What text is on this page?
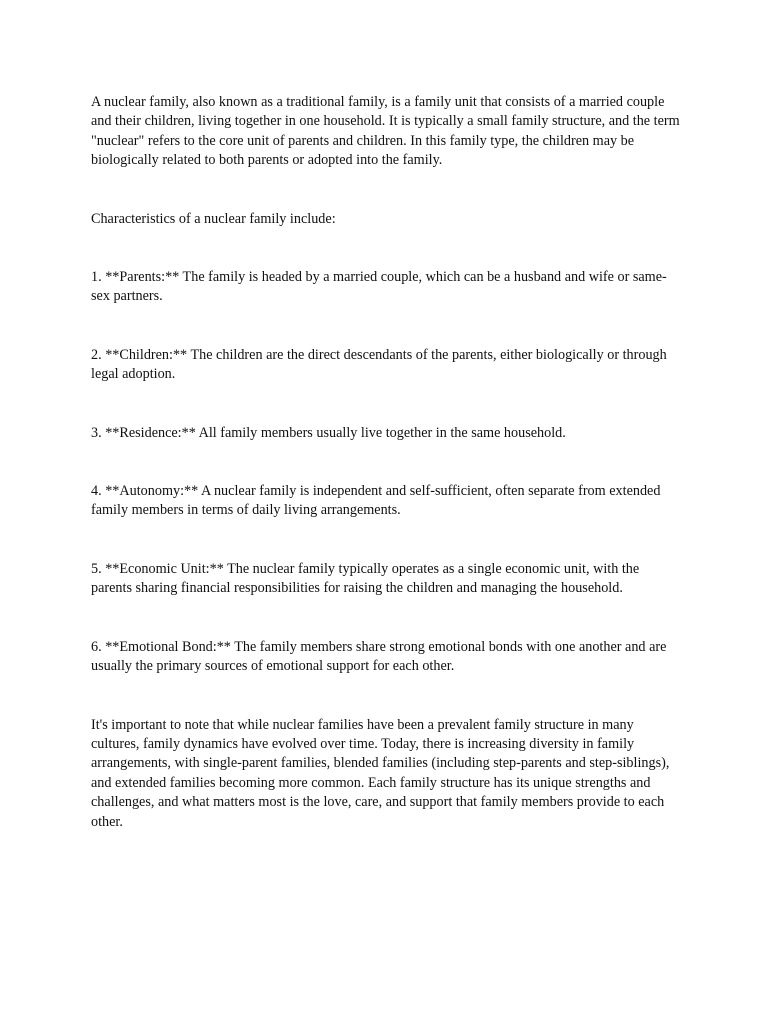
A nuclear family, also known as a traditional family, is a family unit that consists of a married couple and their children, living together in one household. It is typically a small family structure, and the term "nuclear" refers to the core unit of parents and children. In this family type, the children may be biologically related to both parents or adopted into the family.

Characteristics of a nuclear family include:

1. **Parents:** The family is headed by a married couple, which can be a husband and wife or same-sex partners.

2. **Children:** The children are the direct descendants of the parents, either biologically or through legal adoption.

3. **Residence:** All family members usually live together in the same household.

4. **Autonomy:** A nuclear family is independent and self-sufficient, often separate from extended family members in terms of daily living arrangements.

5. **Economic Unit:** The nuclear family typically operates as a single economic unit, with the parents sharing financial responsibilities for raising the children and managing the household.

6. **Emotional Bond:** The family members share strong emotional bonds with one another and are usually the primary sources of emotional support for each other.

It's important to note that while nuclear families have been a prevalent family structure in many cultures, family dynamics have evolved over time. Today, there is increasing diversity in family arrangements, with single-parent families, blended families (including step-parents and step-siblings), and extended families becoming more common. Each family structure has its unique strengths and challenges, and what matters most is the love, care, and support that family members provide to each other.
